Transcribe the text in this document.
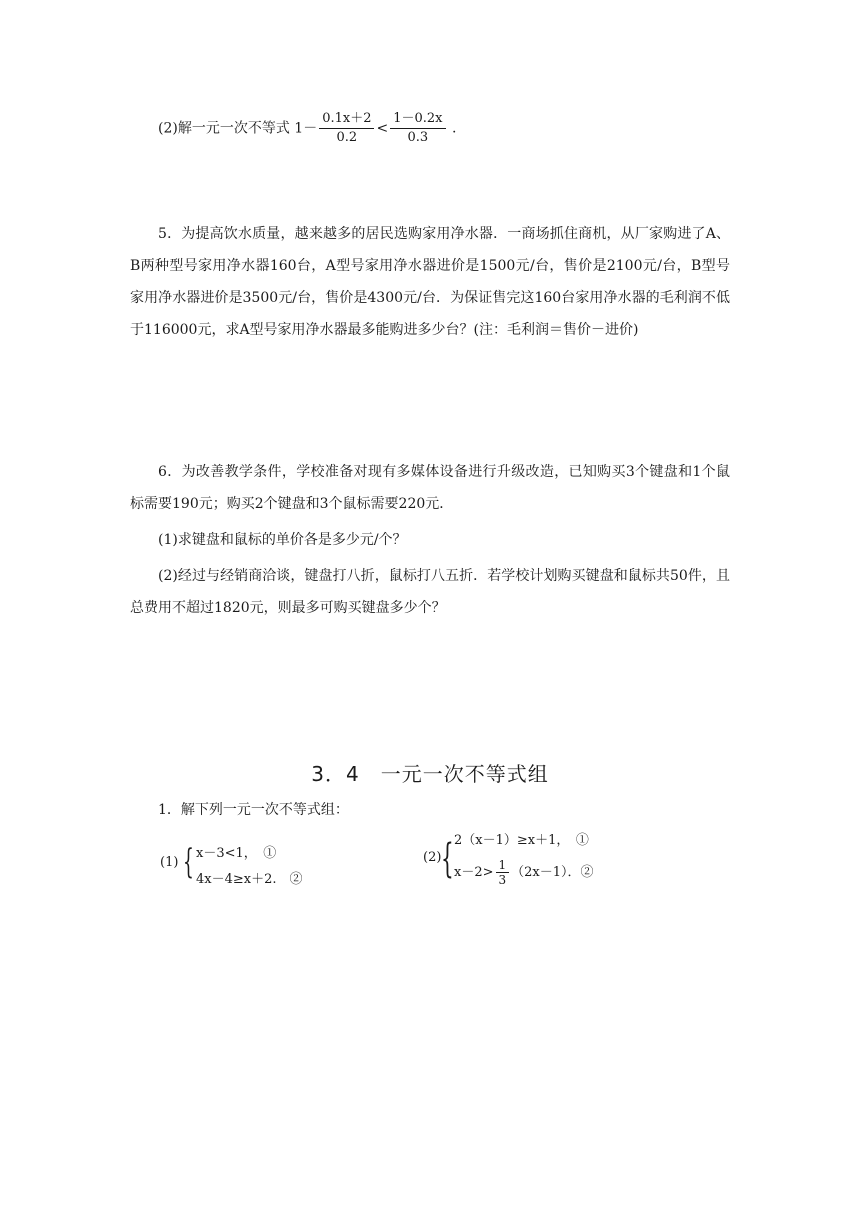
(2)解一元一次不等式 $1- \frac{0.1x+2}{0.2} < \frac{1-0.2x}{0.3}$ .
5．为提高饮水质量，越来越多的居民选购家用净水器．一商场抓住商机，从厂家购进了A、B两种型号家用净水器160台，A型号家用净水器进价是1500元/台，售价是2100元/台，B型号家用净水器进价是3500元/台，售价是4300元/台．为保证售完这160台家用净水器的毛利润不低于116000元，求A型号家用净水器最多能购进多少台？(注：毛利润＝售价－进价)
6．为改善教学条件，学校准备对现有多媒体设备进行升级改造，已知购买3个键盘和1个鼠标需要190元；购买2个键盘和3个鼠标需要220元．
(1)求键盘和鼠标的单价各是多少元/个？
(2)经过与经销商洽谈，键盘打八折，鼠标打八五折．若学校计划购买键盘和鼠标共50件，且总费用不超过1820元，则最多可购买键盘多少个？
3．4　一元一次不等式组
1．解下列一元一次不等式组：
(1) { x－3<1，　①
4x－4≥x＋2.　②
(2) { 2（x－1）≥x＋1，　①
$x-2> \frac{1}{3} (2x-1)$．②
